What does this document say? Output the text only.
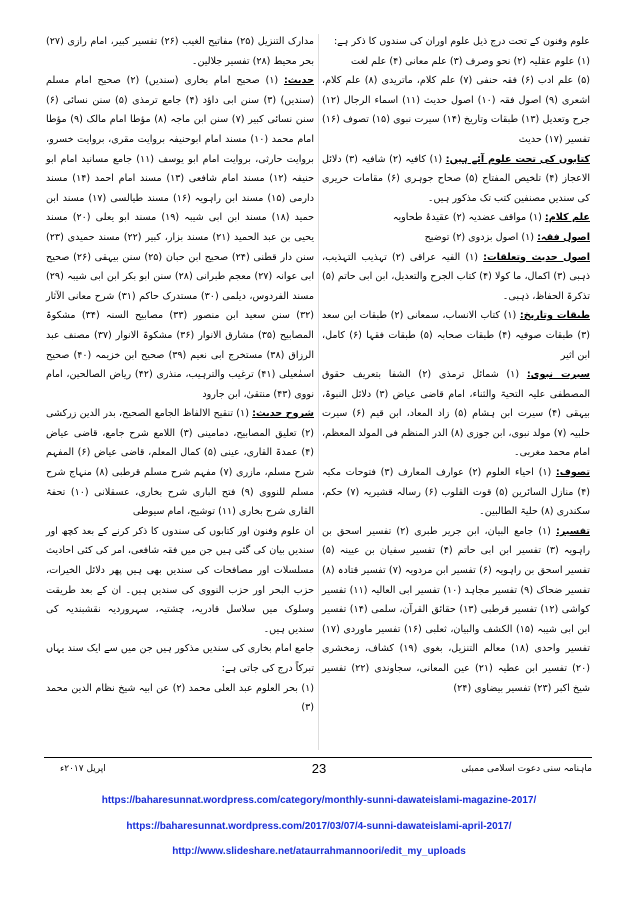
علوم وفنون کے تحت درج ذیل علوم اوران کی سندوں کا ذکر ہے:

(۱) علوم عقلیہ (۲) نحو وصرف (۳) علم معانی (۴) علم لغت

(۵) علم ادب (۶) فقہ حنفی (۷) علم کلام، ماتریدی (۸) علم کلام، اشعری (۹) اصول فقہ (۱۰) اصول حدیث (۱۱) اسماء الرجال (۱۲) جرح وتعدیل (۱۳) طبقات وتاریخ (۱۴) سیرت نبوی (۱۵) تصوف (۱۶) تفسیر (۱۷) حدیث

کتابوں کی تحت علوم آئے ہیں: (۱) کافیہ (۲) شافیہ (۳) دلائل الاعجاز (۴) تلخیص المفتاح (۵) صحاح جوہری (۶) مقامات حریری کی سندیں مصنفین کتب تک مذکور ہیں۔

علم کلام: (۱) مواقف عضدیہ (۲) عقیدۂ طحاویہ

اصول فقہ: (۱) اصول بزدوی (۲) توضیح

اصول حدیث وتعلقات: (۱) الفیہ عراقی (۲) تہذیب التہذیب، ذہبی (۳) اکمال، ما کولا (۴) کتاب الجرح والتعدیل، ابن ابی حاتم (۵) تذکرۃ الحفاظ، ذہبی۔

طبقات وتاریخ: (۱) کتاب الانساب، سمعانی (۲) طبقات ابن سعد (۳) طبقات صوفیہ (۴) طبقات صحابہ (۵) طبقات فقہا (۶) کامل، ابن اثیر

سیرت نبوی: (۱) شمائل ترمذی (۲) الشفا بتعریف حقوق المصطفی علیہ التحیۃ والثناء، امام قاضی عیاض (۳) دلائل النبوۃ، بیہقی (۴) سیرت ابن ہشام (۵) زاد المعاد، ابن قیم (۶) سیرت حلبیہ (۷) مولد نبوی، ابن جوزی (۸) الدر المنظم فی المولد المعظم، امام محمد مغربی۔

تصوف: (۱) احیاء العلوم (۲) عوارف المعارف (۳) فتوحات مکیہ (۴) منازل السائرین (۵) قوت القلوب (۶) رسالہ قشیریہ (۷) حکم، سکندری (۸) حلیۃ الطالبین۔

تفسیر: (۱) جامع البیان، ابن جریر طبری (۲) تفسیر اسحق بن راہویہ (۳) تفسیر ابن ابی حاتم (۴) تفسیر سفیان بن عیینہ (۵) تفسیر اسحق بن راہویہ (۶) تفسیر ابن مردویہ (۷) تفسیر قتادہ (۸) تفسیر ضحاک (۹) تفسیر مجاہد (۱۰) تفسیر ابی العالیہ (۱۱) تفسیر کواشی (۱۲) تفسیر قرطبی (۱۳) حقائق القرآن، سلمی (۱۴) تفسیر ابن ابی شیبہ (۱۵) الکشف والبیان، ثعلبی (۱۶) تفسیر ماوردی (۱۷) تفسیر واحدی (۱۸) معالم التنزیل، بغوی (۱۹) کشاف، زمخشری (۲۰) تفسیر ابن عطیہ (۲۱) عین المعانی، سجاوندی (۲۲) تفسیر شیخ اکبر (۲۳) تفسیر بیضاوی (۲۴)

مدارک التنزیل (۲۵) مفاتیح الغیب (۲۶) تفسیر کبیر، امام رازی (۲۷) بحر محیط (۲۸) تفسیر جلالین۔

حدیث: (۱) صحیح امام بخاری (سندیں) (۲) صحیح امام مسلم (سندیں) (۳) سنن ابی داؤد (۴) جامع ترمذی (۵) سنن نسائی (۶) سنن نسائی کبیر (۷) سنن ابن ماجہ (۸) مؤطا امام مالک (۹) مؤطا امام محمد (۱۰) مسند امام ابوحنیفہ بروایت مقری، بروایت خسرو، بروایت حارثی، بروایت امام ابو یوسف (۱۱) جامع مسانید امام ابو حنیفہ (۱۲) مسند امام شافعی (۱۳) مسند امام احمد (۱۴) مسند دارمی (۱۵) مسند ابن راہویہ (۱۶) مسند طیالسی (۱۷) مسند ابن حمید (۱۸) مسند ابن ابی شیبہ (۱۹) مسند ابو یعلی (۲۰) مسند یحیی بن عبد الحمید (۲۱) مسند بزار، کبیر (۲۲) مسند حمیدی (۲۳) سنن دار قطنی (۲۴) صحیح ابن حبان (۲۵) سنن بیہقی (۲۶) صحیح ابی عوانہ (۲۷) معجم طبرانی (۲۸) سنن ابو بکر ابن ابی شیبہ (۲۹) مسند الفردوس، دیلمی (۳۰) مستدرک حاکم (۳۱) شرح معانی الآثار (۳۲) سنن سعید ابن منصور (۳۳) مصابیح السنہ (۳۴) مشکوۃ المصابیح (۳۵) مشارق الانوار (۳۶) مشکوۃ الانوار (۳۷) مصنف عبد الرزاق (۳۸) مستخرج ابی نعیم (۳۹) صحیح ابن خزیمہ (۴۰) صحیح اسمٰعیلی (۴۱) ترغیب والترہیب، منذری (۴۲) ریاض الصالحین، امام نووی (۴۳) منتقیٰ، ابن جارود

شروح حدیث: (۱) تنقیح الالفاظ الجامع الصحیح، بدر الدین زرکشی (۲) تعلیق المصابیح، دمامینی (۳) اللامع شرح جامع، قاضی عیاض (۴) عمدۃ القاری، عینی (۵) کمال المعلم، قاضی عیاض (۶) المفہم شرح مسلم، مازری (۷) مفہم شرح مسلم قرطبی (۸) منہاج شرح مسلم للنووی (۹) فتح الباری شرح بخاری، عسقلانی (۱۰) تحفۃ القاری شرح بخاری (۱۱) توشیح، امام سیوطی

ان علوم وفنون اور کتابوں کی سندوں کا ذکر کرنے کے بعد کچھ اور سندیں بیان کی گئی ہیں جن میں فقہ شافعی، امر کی کئی احادیث مسلسلات اور مصافحات کی سندیں بھی ہیں پھر دلائل الخیرات، حزب البحر اور حزب النووی کی سندیں ہیں۔ ان کے بعد طریقت وسلوک میں سلاسل قادریہ، چشتیہ، سہروردیہ نقشبندیہ کی سندیں ہیں۔

جامع امام بخاری کی سندیں مذکور ہیں جن میں سے ایک سند یہاں تبرکاً درج کی جاتی ہے:

(۱) بحر العلوم عبد العلی محمد (۲) عن ابیہ شیخ نظام الدین محمد (۳)

23	ماہنامہ سنی دعوت اسلامی ممبئی
اپریل ۲۰۱۷ء
https://baharesunnat.wordpress.com/category/monthly-sunni-dawateislami-magazine-2017/
https://baharesunnat.wordpress.com/2017/03/07/4-sunni-dawateislami-april-2017/
http://www.slideshare.net/ataurrahmannoori/edit_my_uploads
